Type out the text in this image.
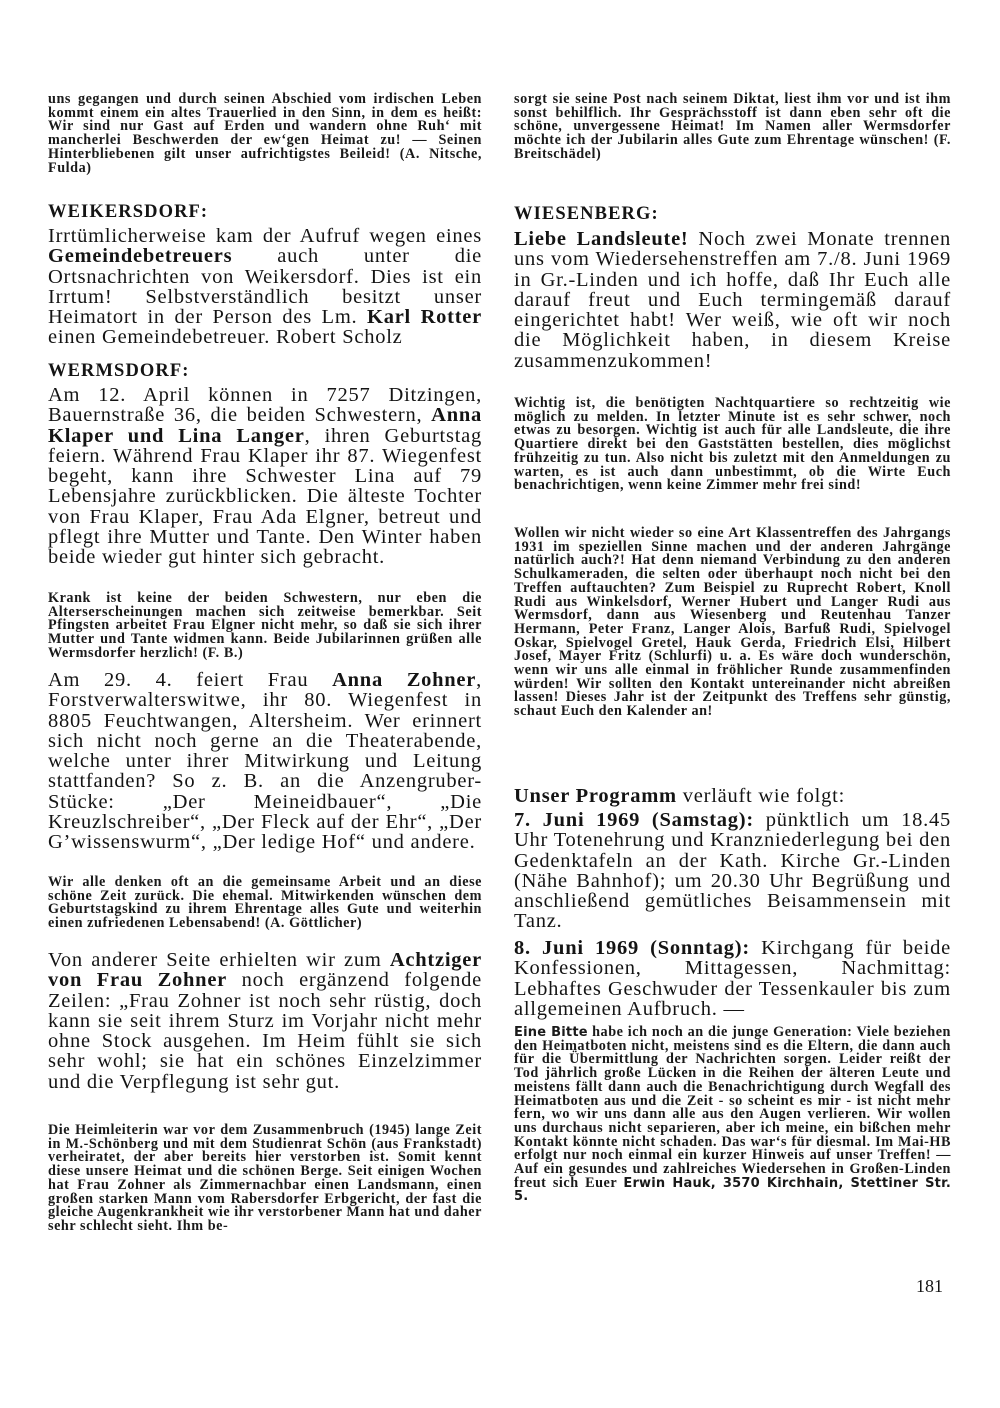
uns gegangen und durch seinen Abschied vom irdischen Leben kommt einem ein altes Trauerlied in den Sinn, in dem es heißt: Wir sind nur Gast auf Erden und wandern ohne Ruh‘ mit mancherlei Beschwerden der ew‘gen Heimat zu! — Seinen Hinterbliebenen gilt unser aufrichtigstes Beileid! (A. Nitsche, Fulda)

WEIKERSDORF:

Irrtümlicherweise kam der Aufruf wegen eines Gemeindebetreuers auch unter die Ortsnachrichten von Weikersdorf. Dies ist ein Irrtum! Selbstverständlich besitzt unser Heimatort in der Person des Lm. Karl Rotter einen Gemeindebetreuer. Robert Scholz

WERMSDORF:

Am 12. April können in 7257 Ditzingen, Bauernstraße 36, die beiden Schwestern, Anna Klaper und Lina Langer, ihren Geburtstag feiern. Während Frau Klaper ihr 87. Wiegenfest begeht, kann ihre Schwester Lina auf 79 Lebensjahre zurückblicken. Die älteste Tochter von Frau Klaper, Frau Ada Elgner, betreut und pflegt ihre Mutter und Tante. Den Winter haben beide wieder gut hinter sich gebracht.

Krank ist keine der beiden Schwestern, nur eben die Alterserscheinungen machen sich zeitweise bemerkbar. Seit Pfingsten arbeitet Frau Elgner nicht mehr, so daß sie sich ihrer Mutter und Tante widmen kann. Beide Jubilarinnen grüßen alle Wermsdorfer herzlich! (F. B.)

Am 29. 4. feiert Frau Anna Zohner, Forstverwalterswitwe, ihr 80. Wiegenfest in 8805 Feuchtwangen, Altersheim. Wer erinnert sich nicht noch gerne an die Theaterabende, welche unter ihrer Mitwirkung und Leitung stattfanden? So z. B. an die Anzengruber-Stücke: „Der Meineidbauer“, „Die Kreuzlschreiber“, „Der Fleck auf der Ehr“, „Der G’wissenswurm“, „Der ledige Hof“ und andere.

Wir alle denken oft an die gemeinsame Arbeit und an diese schöne Zeit zurück. Die ehemal. Mitwirkenden wünschen dem Geburtstagskind zu ihrem Ehrentage alles Gute und weiterhin einen zufriedenen Lebensabend! (A. Göttlicher)

Von anderer Seite erhielten wir zum Achtziger von Frau Zohner noch ergänzend folgende Zeilen: „Frau Zohner ist noch sehr rüstig, doch kann sie seit ihrem Sturz im Vorjahr nicht mehr ohne Stock ausgehen. Im Heim fühlt sie sich sehr wohl; sie hat ein schönes Einzelzimmer und die Verpflegung ist sehr gut.

Die Heimleiterin war vor dem Zusammenbruch (1945) lange Zeit in M.-Schönberg und mit dem Studienrat Schön (aus Frankstadt) verheiratet, der aber bereits hier verstorben ist. Somit kennt diese unsere Heimat und die schönen Berge. Seit einigen Wochen hat Frau Zohner als Zimmernachbar einen Landsmann, einen großen starken Mann vom Rabersdorfer Erbgericht, der fast die gleiche Augenkrankheit wie ihr verstorbener Mann hat und daher sehr schlecht sieht. Ihm be-

sorgt sie seine Post nach seinem Diktat, liest ihm vor und ist ihm sonst behilflich. Ihr Gesprächsstoff ist dann eben sehr oft die schöne, unvergessene Heimat! Im Namen aller Wermsdorfer möchte ich der Jubilarin alles Gute zum Ehrentage wünschen! (F. Breitschädel)

WIESENBERG:

Liebe Landsleute! Noch zwei Monate trennen uns vom Wiedersehenstreffen am 7./8. Juni 1969 in Gr.-Linden und ich hoffe, daß Ihr Euch alle darauf freut und Euch termingemäß darauf eingerichtet habt! Wer weiß, wie oft wir noch die Möglichkeit haben, in diesem Kreise zusammenzukommen!

Wichtig ist, die benötigten Nachtquartiere so rechtzeitig wie möglich zu melden. In letzter Minute ist es sehr schwer, noch etwas zu besorgen. Wichtig ist auch für alle Landsleute, die ihre Quartiere direkt bei den Gaststätten bestellen, dies möglichst frühzeitig zu tun. Also nicht bis zuletzt mit den Anmeldungen zu warten, es ist auch dann unbestimmt, ob die Wirte Euch benachrichtigen, wenn keine Zimmer mehr frei sind!

Wollen wir nicht wieder so eine Art Klassentreffen des Jahrgangs 1931 im speziellen Sinne machen und der anderen Jahrgänge natürlich auch?! Hat denn niemand Verbindung zu den anderen Schulkameraden, die selten oder überhaupt noch nicht bei den Treffen auftauchten? Zum Beispiel zu Ruprecht Robert, Knoll Rudi aus Winkelsdorf, Werner Hubert und Langer Rudi aus Wermsdorf, dann aus Wiesenberg und Reutenhau Tanzer Hermann, Peter Franz, Langer Alois, Barfuß Rudi, Spielvogel Oskar, Spielvogel Gretel, Hauk Gerda, Friedrich Elsi, Hilbert Josef, Mayer Fritz (Schlurfi) u. a. Es wäre doch wunderschön, wenn wir uns alle einmal in fröhlicher Runde zusammenfinden würden! Wir sollten den Kontakt untereinander nicht abreißen lassen! Dieses Jahr ist der Zeitpunkt des Treffens sehr günstig, schaut Euch den Kalender an!

Unser Programm verläuft wie folgt:

7. Juni 1969 (Samstag): pünktlich um 18.45 Uhr Totenehrung und Kranzniederlegung bei den Gedenktafeln an der Kath. Kirche Gr.-Linden (Nähe Bahnhof); um 20.30 Uhr Begrüßung und anschließend gemütliches Beisammensein mit Tanz.

8. Juni 1969 (Sonntag): Kirchgang für beide Konfessionen, Mittagessen, Nachmittag: Lebhaftes Geschwuder der Tessenkauler bis zum allgemeinen Aufbruch. —

Eine Bitte habe ich noch an die junge Generation: Viele beziehen den Heimatboten nicht, meistens sind es die Eltern, die dann auch für die Übermittlung der Nachrichten sorgen. Leider reißt der Tod jährlich große Lücken in die Reihen der älteren Leute und meistens fällt dann auch die Benachrichtigung durch Wegfall des Heimatboten aus und die Zeit - so scheint es mir - ist nicht mehr fern, wo wir uns dann alle aus den Augen verlieren. Wir wollen uns durchaus nicht separieren, aber ich meine, ein bißchen mehr Kontakt könnte nicht schaden. Das war‘s für diesmal. Im Mai-HB erfolgt nur noch einmal ein kurzer Hinweis auf unser Treffen! — Auf ein gesundes und zahlreiches Wiedersehen in Großen-Linden freut sich Euer Erwin Hauk, 3570 Kirchhain, Stettiner Str. 5.

181
